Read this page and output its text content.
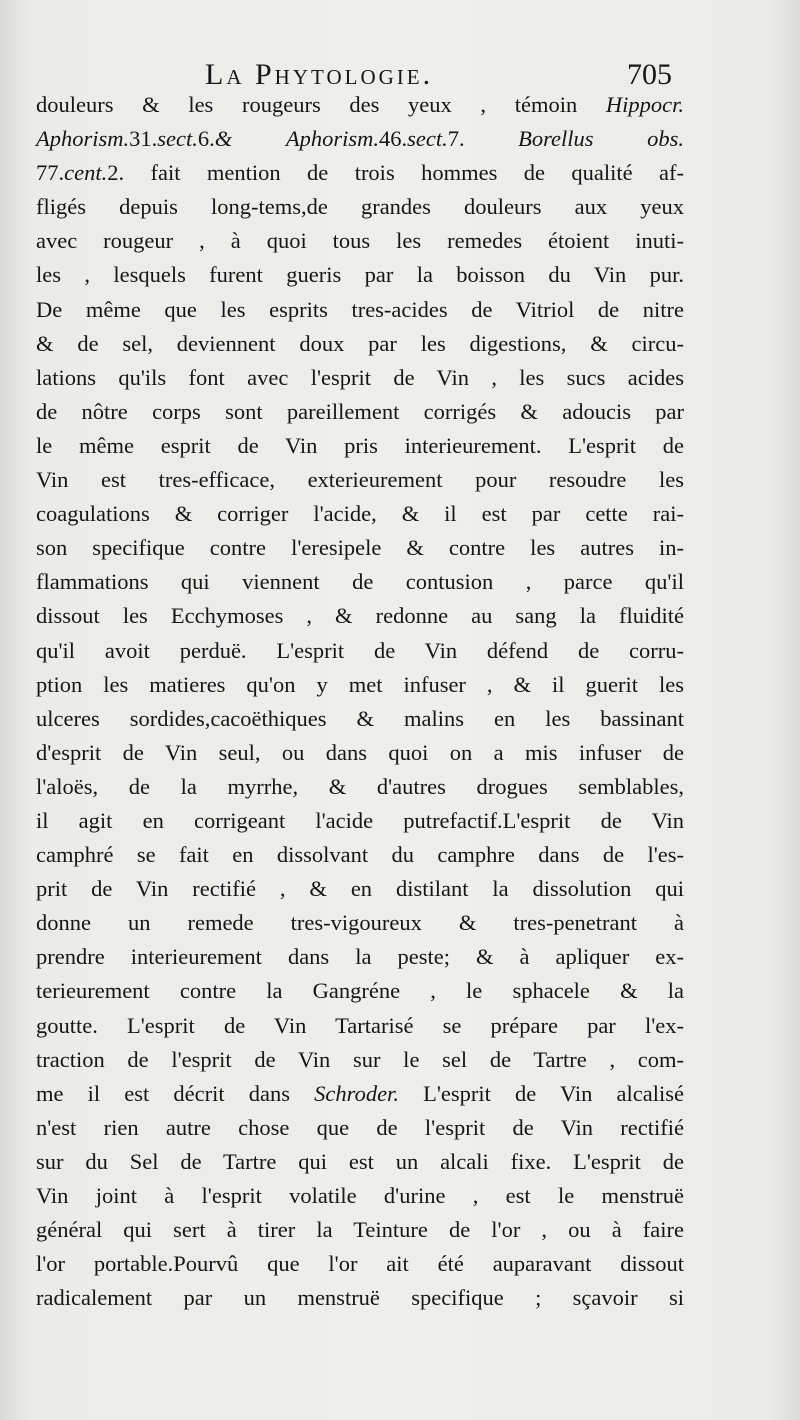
La Phytologie.	705
douleurs & les rougeurs des yeux , témoin Hippocr.
Aphorism.31.sect.6.& Aphorism.46.sect.7. Borellus obs.
77.cent.2. fait mention de trois hommes de qualité af-
fligés depuis long-tems,de grandes douleurs aux yeux
avec rougeur , à quoi tous les remedes étoient inuti-
les , lesquels furent gueris par la boisson du Vin pur.
De même que les esprits tres-acides de Vitriol de nitre
& de sel, deviennent doux par les digestions, & circu-
lations qu'ils font avec l'esprit de Vin , les sucs acides
de nôtre corps sont pareillement corrigés & adoucis par
le même esprit de Vin pris interieurement. L'esprit de
Vin est tres-efficace, exterieurement pour resoudre les
coagulations & corriger l'acide, & il est par cette rai-
son specifique contre l'eresipele & contre les autres in-
flammations qui viennent de contusion , parce qu'il
dissout les Ecchymoses , & redonne au sang la fluidité
qu'il avoit perduë. L'esprit de Vin défend de corru-
ption les matieres qu'on y met infuser , & il guerit les
ulceres sordides,cacoëthiques & malins en les bassinant
d'esprit de Vin seul, ou dans quoi on a mis infuser de
l'aloës, de la myrrhe, & d'autres drogues semblables,
il agit en corrigeant l'acide putrefactif.L'esprit de Vin
camphré se fait en dissolvant du camphre dans de l'es-
prit de Vin rectifié , & en distilant la dissolution qui
donne un remede tres-vigoureux & tres-penetrant à
prendre interieurement dans la peste; & à apliquer ex-
terieurement contre la Gangréne , le sphacele & la
goutte. L'esprit de Vin Tartarisé se prépare par l'ex-
traction de l'esprit de Vin sur le sel de Tartre , com-
me il est décrit dans Schroder. L'esprit de Vin alcalisé
n'est rien autre chose que de l'esprit de Vin rectifié
sur du Sel de Tartre qui est un alcali fixe. L'esprit de
Vin joint à l'esprit volatile d'urine , est le menstruë
général qui sert à tirer la Teinture de l'or , ou à faire
l'or portable.Pourvû que l'or ait été auparavant dissout
radicalement par un menstruë specifique ; sçavoir si
